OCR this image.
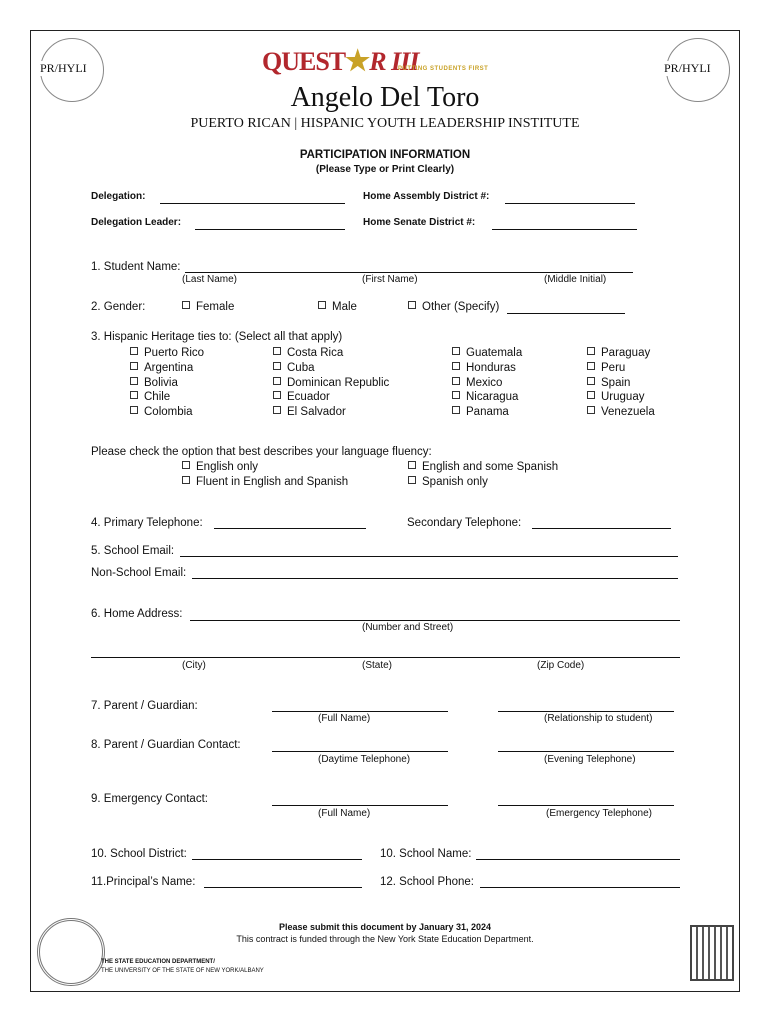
PR/HYLI	PR/HYLI
QUEST★R III
PUTTING STUDENTS FIRST
Angelo Del Toro
PUERTO RICAN | HISPANIC YOUTH LEADERSHIP INSTITUTE
PARTICIPATION INFORMATION
(Please Type or Print Clearly)
Delegation:	Home Assembly District #:
Delegation Leader:	Home Senate District #:
1. Student Name:
(Last Name)	(First Name)	(Middle Initial)
2. Gender:	Female	Male	Other (Specify)
3. Hispanic Heritage ties to: (Select all that apply)
Puerto Rico
Argentina
Bolivia
Chile
Colombia
Costa Rica
Cuba
Dominican Republic
Ecuador
El Salvador
Guatemala
Honduras
Mexico
Nicaragua
Panama
Paraguay
Peru
Spain
Uruguay
Venezuela
Please check the option that best describes your language fluency:
English only	English and some Spanish
Fluent in English and Spanish	Spanish only
4. Primary Telephone:	Secondary Telephone:
5. School Email:
Non-School Email:
6. Home Address:
(Number and Street)
(City)	(State)	(Zip Code)
7. Parent / Guardian:
(Full Name)	(Relationship to student)
8. Parent / Guardian Contact:
(Daytime Telephone)	(Evening Telephone)
9. Emergency Contact:
(Full Name)	(Emergency Telephone)
10. School District:	10. School Name:
11.Principal’s Name:	12. School Phone:
Please submit this document by January 31, 2024
This contract is funded through the New York State Education Department.
THE STATE EDUCATION DEPARTMENT/
THE UNIVERSITY OF THE STATE OF NEW YORK/ALBANY
